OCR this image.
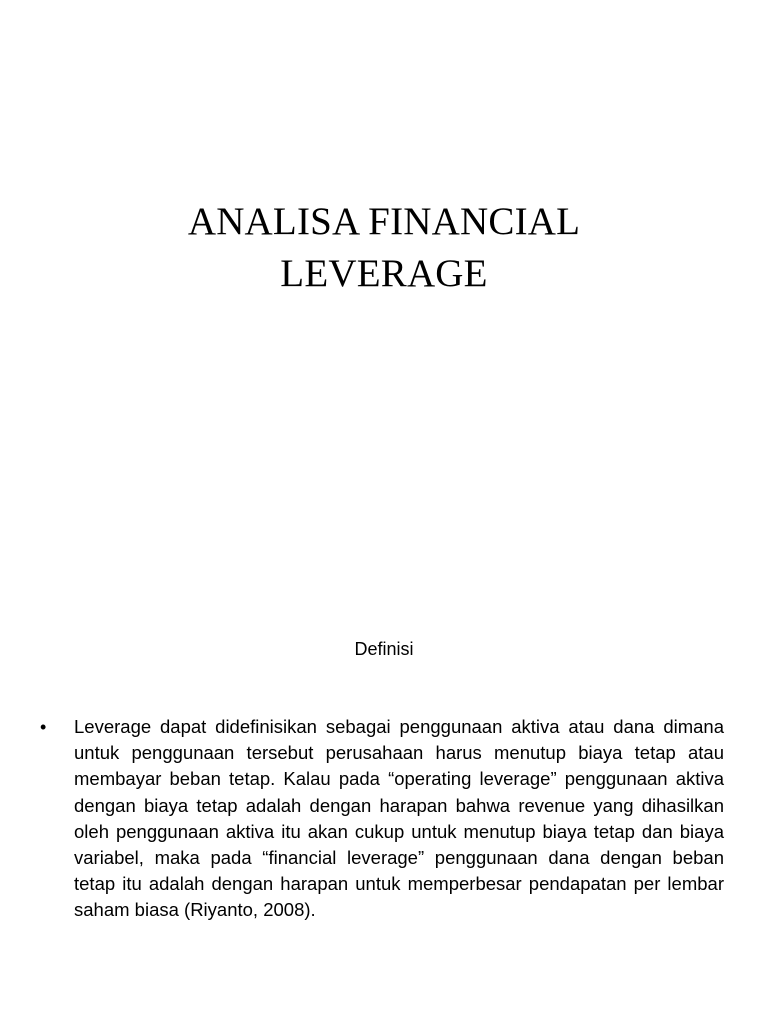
ANALISA FINANCIAL
LEVERAGE
Definisi
•	Leverage dapat didefinisikan sebagai penggunaan aktiva atau dana dimana untuk penggunaan tersebut perusahaan harus menutup biaya tetap atau membayar beban tetap. Kalau pada “operating leverage” penggunaan aktiva dengan biaya tetap adalah dengan harapan bahwa revenue yang dihasilkan oleh penggunaan aktiva itu akan cukup untuk menutup biaya tetap dan biaya variabel, maka pada “financial leverage” penggunaan dana dengan beban tetap itu adalah dengan harapan untuk memperbesar pendapatan per lembar saham biasa (Riyanto, 2008).
